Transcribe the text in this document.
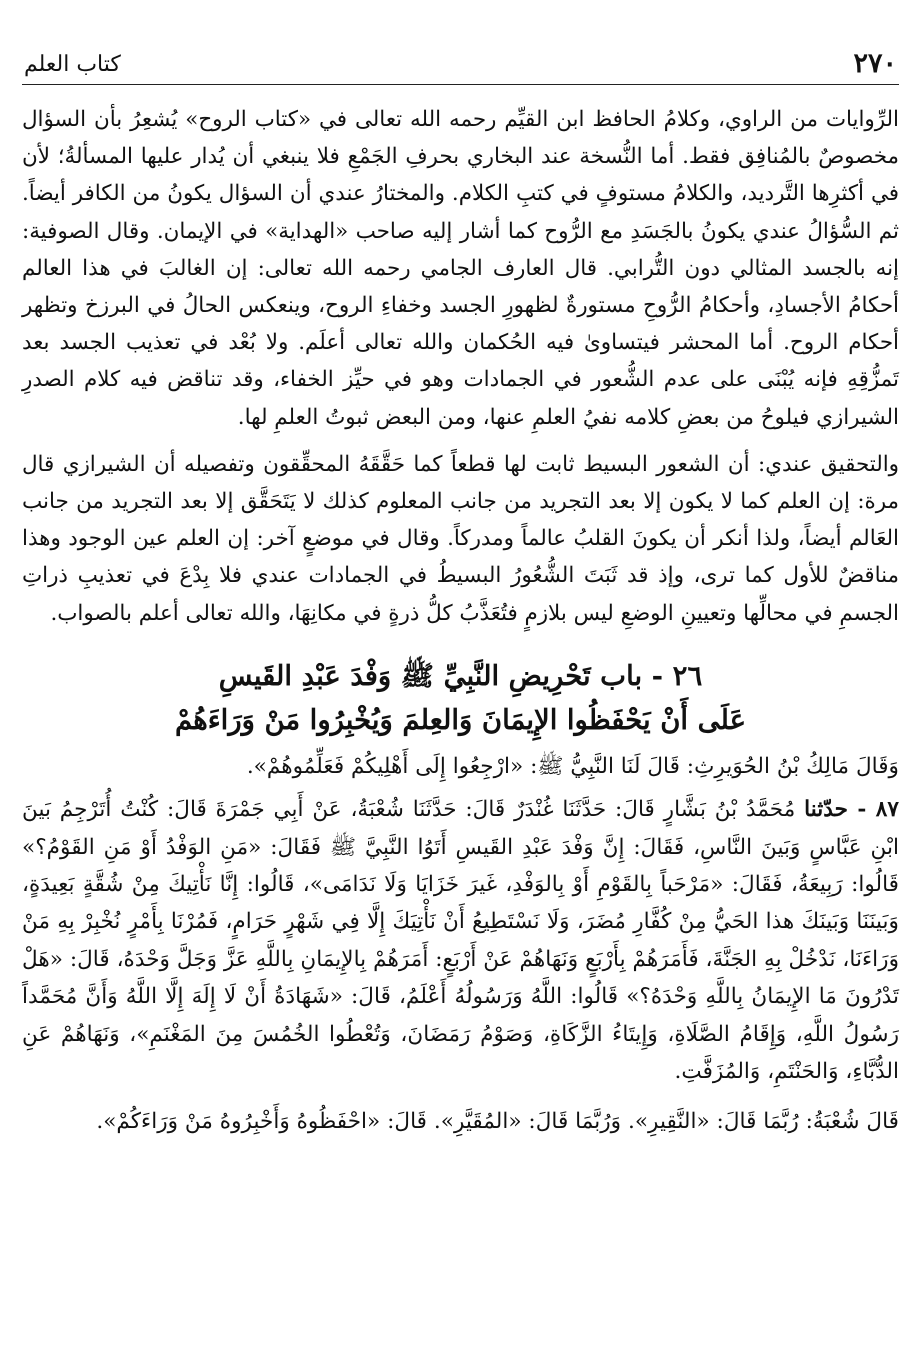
٢٧٠
كتاب العلم

الرِّوايات من الراوي، وكلامُ الحافظ ابن القيِّم رحمه الله تعالى في «كتاب الروح» يُشعِرُ بأن السؤال مخصوصٌ بالمُنافِق فقط. أما النُّسخة عند البخاري بحرفِ الجَمْعِ فلا ينبغي أن يُدار عليها المسألةُ؛ لأن في أكثرِها التَّرديد، والكلامُ مستوفٍ في كتبِ الكلام. والمختارُ عندي أن السؤال يكونُ من الكافر أيضاً. ثم السُّؤالُ عندي يكونُ بالجَسَدِ مع الرُّوح كما أشار إليه صاحب «الهداية» في الإيمان. وقال الصوفية: إنه بالجسد المثالي دون التُّرابي. قال العارف الجامي رحمه الله تعالى: إن الغالبَ في هذا العالم أحكامُ الأجسادِ، وأحكامُ الرُّوحِ مستورةٌ لظهورِ الجسد وخفاءِ الروح، وينعكس الحالُ في البرزخ وتظهر أحكام الروح. أما المحشر فيتساوىٰ فيه الحُكمان والله تعالى أعلَم. ولا بُعْد في تعذيب الجسد بعد تَمزُّقِهِ فإنه يُبْنَى على عدم الشُّعور في الجمادات وهو في حيِّز الخفاء، وقد تناقض فيه كلام الصدرِ الشيرازي فيلوحُ من بعضِ كلامه نفيُ العلمِ عنها، ومن البعض ثبوتُ العلمِ لها.

والتحقيق عندي: أن الشعور البسيط ثابت لها قطعاً كما حَقَّقَهُ المحقِّقون وتفصيله أن الشيرازي قال مرة: إن العلم كما لا يكون إلا بعد التجريد من جانب المعلوم كذلك لا يَتَحَقَّق إلا بعد التجريد من جانب العَالم أيضاً، ولذا أنكر أن يكونَ القلبُ عالماً ومدركاً. وقال في موضعٍ آخر: إن العلم عين الوجود وهذا مناقضٌ للأول كما ترى، وإذ قد ثَبَتَ الشُّعُورُ البسيطُ في الجمادات عندي فلا بِدْعَ في تعذيبِ ذراتِ الجسمِ في محالِّها وتعيينِ الوضعِ ليس بلازمٍ فتُعَذَّبُ كلُّ ذرةٍ في مكانِهَا، والله تعالى أعلم بالصواب.

٢٦ - باب تَحْرِيضِ النَّبِيِّ ﷺ وَفْدَ عَبْدِ القَيسِ
عَلَى أَنْ يَحْفَظُوا الإِيمَانَ وَالعِلمَ وَيُخْبِرُوا مَنْ وَرَاءَهُمْ

وَقَالَ مَالِكُ بْنُ الحُوَيرِثِ: قَالَ لَنَا النَّبِيُّ ﷺ: «ارْجِعُوا إِلَى أَهْلِيكُمْ فَعَلِّمُوهُمْ».

٨٧ - حدّثنا مُحَمَّدُ بْنُ بَشَّارٍ قَالَ: حَدَّثَنَا غُنْدَرٌ قَالَ: حَدَّثَنَا شُعْبَةُ، عَنْ أَبِي جَمْرَةَ قَالَ: كُنْتُ أُتَرْجِمُ بَينَ ابْنِ عَبَّاسٍ وَبَينَ النَّاسِ، فَقَالَ: إِنَّ وَفْدَ عَبْدِ القَيسِ أَتَوُا النَّبِيَّ ﷺ فَقَالَ: «مَنِ الوَفْدُ أَوْ مَنِ القَوْمُ؟» قَالُوا: رَبِيعَةُ، فَقَالَ: «مَرْحَباً بِالقَوْمِ أَوْ بِالوَفْدِ، غَيرَ خَزَايَا وَلَا نَدَامَى»، قَالُوا: إِنَّا نَأْتِيكَ مِنْ شُقَّةٍ بَعِيدَةٍ، وَبَينَنَا وَبَينَكَ هذا الحَيُّ مِنْ كُفَّارِ مُضَرَ، وَلَا نَسْتَطِيعُ أَنْ نَأْتِيَكَ إِلَّا فِي شَهْرٍ حَرَامٍ، فَمُرْنَا بِأَمْرٍ نُخْبِرْ بِهِ مَنْ وَرَاءَنَا، نَدْخُلْ بِهِ الجَنَّةَ، فَأَمَرَهُمْ بِأَرْبَعٍ وَنَهَاهُمْ عَنْ أَرْبَعٍ: أَمَرَهُمْ بِالإِيمَانِ بِاللَّهِ عَزَّ وَجَلَّ وَحْدَهُ، قَالَ: «هَلْ تَدْرُونَ مَا الإِيمَانُ بِاللَّهِ وَحْدَهُ؟» قَالُوا: اللَّهُ وَرَسُولُهُ أَعْلَمُ، قَالَ: «شَهَادَةُ أَنْ لَا إِلَهَ إِلَّا اللَّهُ وَأَنَّ مُحَمَّداً رَسُولُ اللَّهِ، وَإِقَامُ الصَّلَاةِ، وَإِيتَاءُ الزَّكَاةِ، وَصَوْمُ رَمَضَانَ، وَتُعْطُوا الخُمُسَ مِنَ المَغْنَمِ»، وَنَهَاهُمْ عَنِ الدُّبَّاءِ، وَالحَنْتَمِ، وَالمُزَفَّتِ.

قَالَ شُعْبَةُ: رُبَّمَا قَالَ: «النَّقِيرِ». وَرُبَّمَا قَالَ: «المُقَيَّرِ». قَالَ: «احْفَظُوهُ وَأَخْبِرُوهُ مَنْ وَرَاءَكُمْ».
